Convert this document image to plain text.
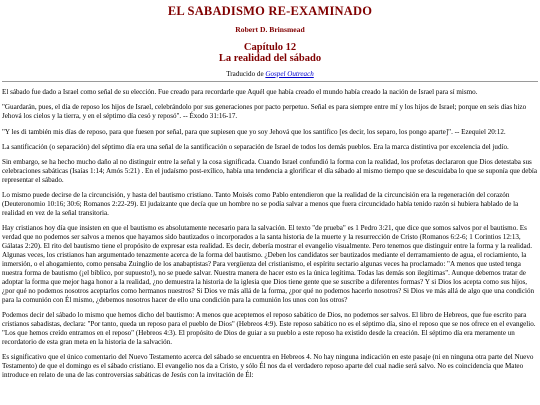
EL SABADISMO RE-EXAMINADO
Robert D. Brinsmead
Capítulo 12
La realidad del sábado
Traducido de Gospel Outreach

El sábado fue dado a Israel como señal de su elección. Fue creado para recordarle que Aquél que había creado el mundo había creado la nación de Israel para sí mismo.

"Guardarán, pues, el día de reposo los hijos de Israel, celebrándolo por sus generaciones por pacto perpetuo. Señal es para siempre entre mí y los hijos de Israel; porque en seis días hizo Jehová los cielos y la tierra, y en el séptimo día cesó y reposó". -- Éxodo 31:16-17.

"Y les di también mis días de reposo, para que fuesen por señal, para que supiesen que yo soy Jehová que los santifico [es decir, los separo, los pongo aparte]". -- Ezequiel 20:12.

La santificación (o separación) del séptimo día era una señal de la santificación o separación de Israel de todos los demás pueblos. Era la marca distintiva por excelencia del judío.

Sin embargo, se ha hecho mucho daño al no distinguir entre la señal y la cosa significada. Cuando Israel confundió la forma con la realidad, los profetas declararon que Dios detestaba sus celebraciones sabáticas (Isaías 1:14; Amós 5:21) . En el judaísmo post-exílico, había una tendencia a glorificar el día sábado al mismo tiempo que se descuidaba lo que se suponía que debía representar el sábado.

Lo mismo puede decirse de la circuncisión, y hasta del bautismo cristiano. Tanto Moisés como Pablo entendieron que la realidad de la circuncisión era la regeneración del corazón (Deuteronomio 10:16; 30:6; Romanos 2:22-29). El judaizante que decía que un hombre no se podía salvar a menos que fuera circuncidado había tenido razón si hubiera hablado de la realidad en vez de la señal transitoria.

Hay cristianos hoy día que insisten en que el bautismo es absolutamente necesario para la salvación. El texto "de prueba" es 1 Pedro 3:21, que dice que somos salvos por el bautismo. Es verdad que no podemos ser salvos a menos que hayamos sido bautizados o incorporados a la santa historia de la muerte y la resurrección de Cristo (Romanos 6:2-6; 1 Corintios 12:13, Gálatas 2:20). El rito del bautismo tiene el propósito de expresar esta realidad. Es decir, debería mostrar el evangelio visualmente. Pero tenemos que distinguir entre la forma y la realidad. Algunas veces, los cristianos han argumentado tenazmente acerca de la forma del bautismo. ¿Deben los candidatos ser bautizados mediante el derramamiento de agua, el rociamiento, la inmersión, o el ahogamiento, como pensaba Zuinglio de los anabaptistas? Para vergüenza del cristianismo, el espíritu sectario algunas veces ha proclamado: "A menos que usted tenga nuestra forma de bautismo (¡el bíblico, por supuesto!), no se puede salvar. Nuestra manera de hacer esto es la única legítima. Todas las demás son ilegítimas". Aunque debemos tratar de adoptar la forma que mejor haga honor a la realidad, ¿no demuestra la historia de la iglesia que Dios tiene gente que se suscribe a diferentes formas? Y si Dios los acepta como sus hijos, ¿por qué no podemos nosotros aceptarlos como hermanos nuestros? Si Dios ve más allá de la forma, ¿por qué no podemos hacerlo nosotros? Si Dios ve más allá de algo que una condición para la comunión con Él mismo, ¿debemos nosotros hacer de ello una condición para la comunión los unos con los otros?

Podemos decir del sábado lo mismo que hemos dicho del bautismo: A menos que aceptemos el reposo sabático de Dios, no podemos ser salvos. El libro de Hebreos, que fue escrito para cristianos sabadistas, declara: "Por tanto, queda un reposo para el pueblo de Dios" (Hebreos 4:9). Este reposo sabático no es el séptimo día, sino el reposo que se nos ofrece en el evangelio. "Los que hemos creído entramos en el reposo" (Hebreos 4:3). El propósito de Dios de guiar a su pueblo a este reposo ha existido desde la creación. El séptimo día era meramente un recordatorio de esta gran meta en la historia de la salvación.

Es significativo que el único comentario del Nuevo Testamento acerca del sábado se encuentra en Hebreos 4. No hay ninguna indicación en este pasaje (ni en ninguna otra parte del Nuevo Testamento) de que el domingo es el sábado cristiano. El evangelio nos da a Cristo, y sólo Él nos da el verdadero reposo aparte del cual nadie será salvo. No es coincidencia que Mateo introduce en relato de una de las controversias sabáticas de Jesús con la invitación de Él:
